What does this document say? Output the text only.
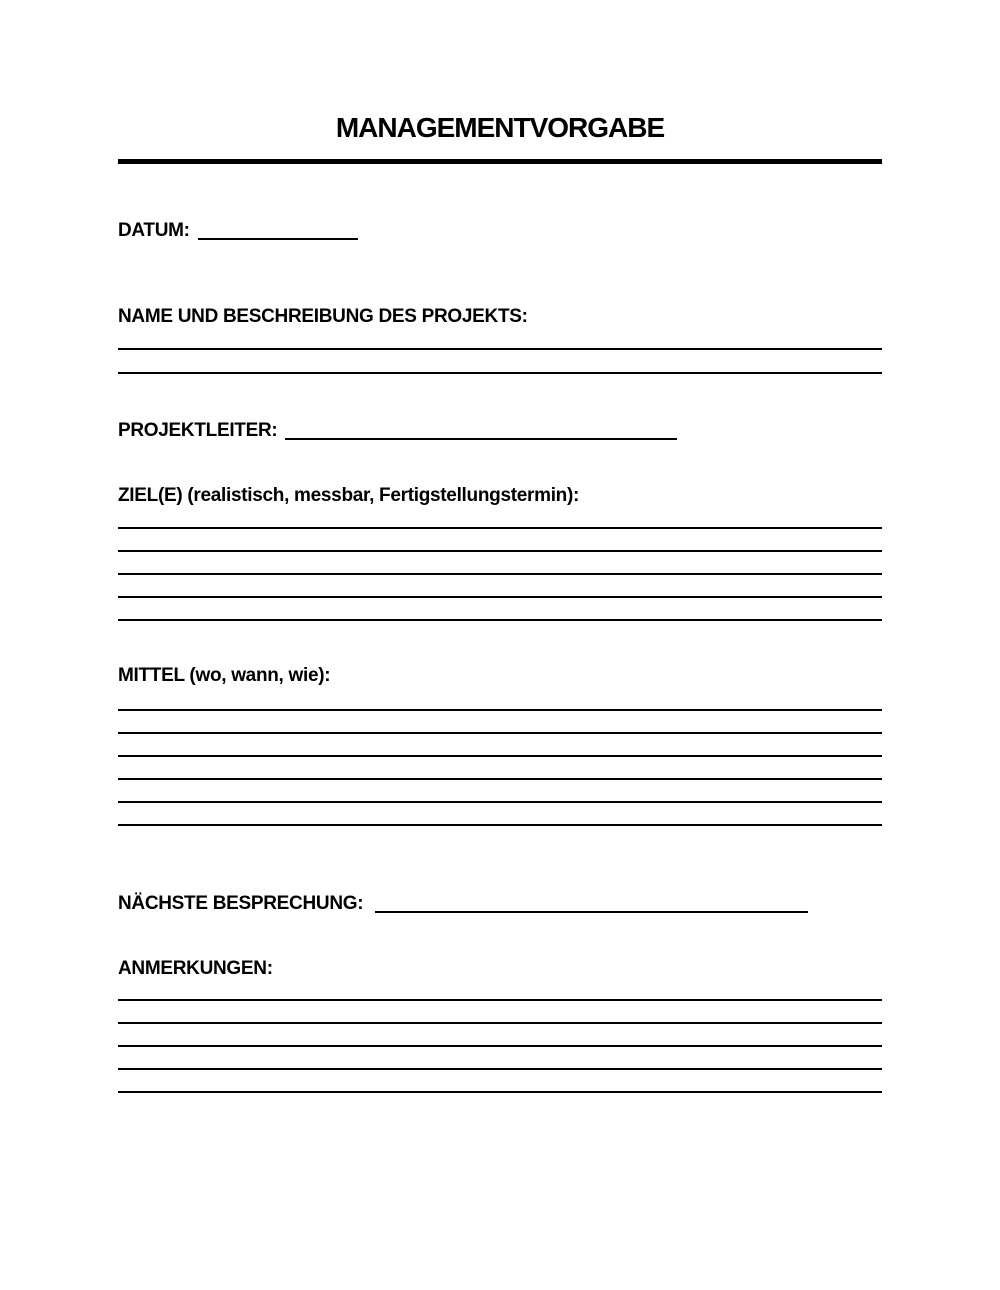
MANAGEMENTVORGABE
DATUM:
NAME UND BESCHREIBUNG DES PROJEKTS:
PROJEKTLEITER:
ZIEL(E) (realistisch, messbar, Fertigstellungstermin):
MITTEL (wo, wann, wie):
NÄCHSTE BESPRECHUNG:
ANMERKUNGEN:
